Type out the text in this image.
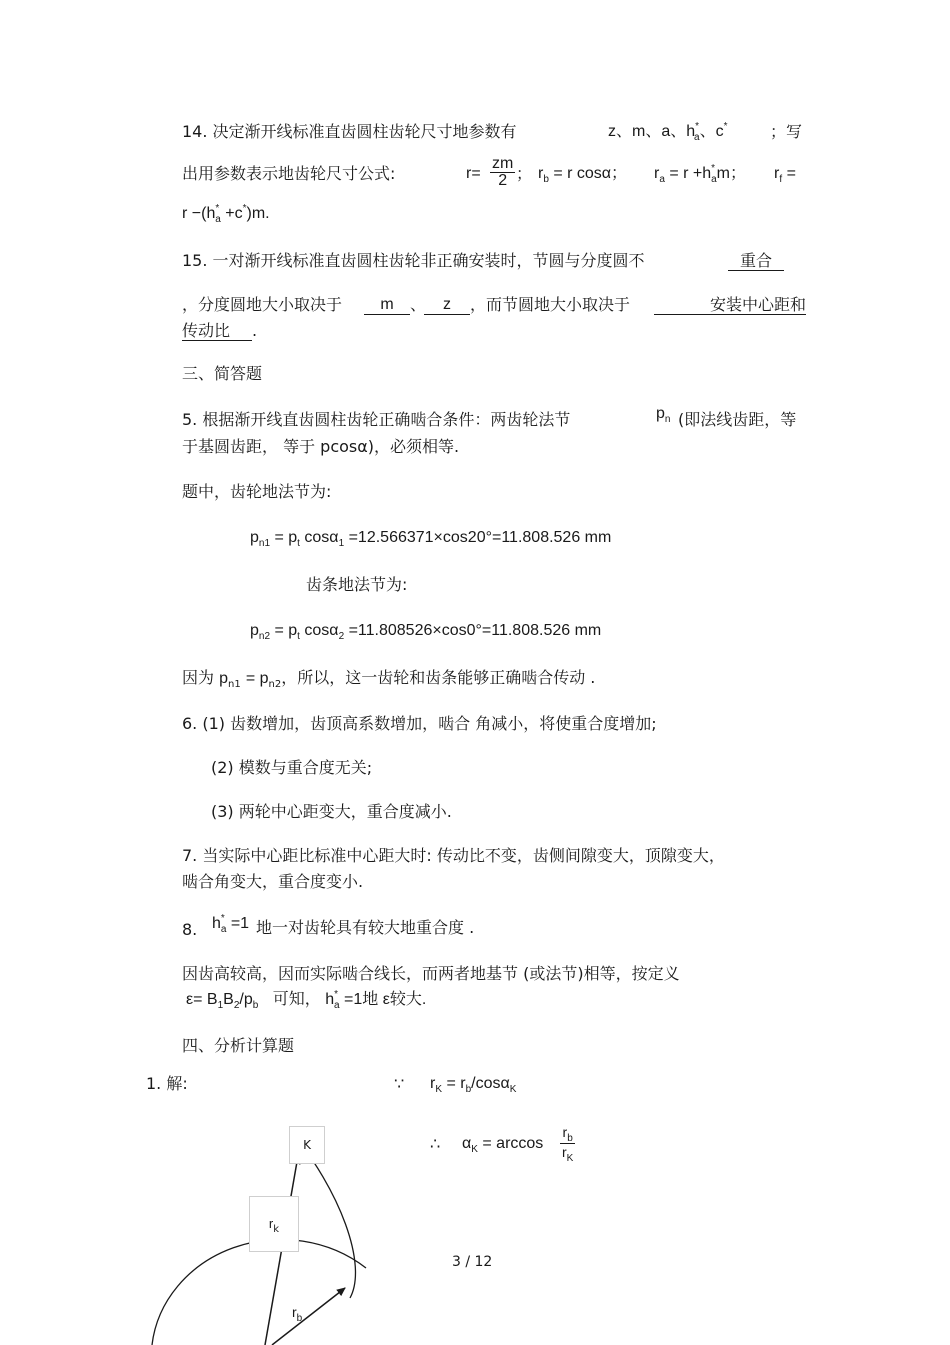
14. 决定渐开线标准直齿圆柱齿轮尺寸地参数有	z、m、a、$h^*_a$、c*	；写
出用参数表示地齿轮尺寸公式:	$r= \frac{zm}{2}$ ； $r_b = r$ cosα； $r_a = r +h^*_am$； $r_f$ =
$r -(h^*_a +c^*)m$.
15. 一对渐开线标准直齿圆柱齿轮非正确安装时，节圆与分度圆不	重合
，分度圆地大小取决于	m	、	z	，而节圆地大小取决于	安装中心距和
传动比 .
三、简答题
5. 根据渐开线直齿圆柱齿轮正确啮合条件：两齿轮法节	$p_n$ (即法线齿距，等
于基圆齿距， 等于 pcosα)，必须相等.
题中，齿轮地法节为:
$p_{n1} = p_t$ cosα$_1$ =12.566371×cos20°=11.808.526 mm
齿条地法节为:
$p_{n2} = p_t$ cosα$_2$ =11.808526×cos0°=11.808.526 mm
因为 $p_{n1} = p_{n2}$，所以，这一齿轮和齿条能够正确啮合传动 .
6. (1) 齿数增加，齿顶高系数增加，啮合 角减小，将使重合度增加;
(2) 模数与重合度无关;
(3) 两轮中心距变大，重合度减小.
7. 当实际中心距比标准中心距大时: 传动比不变，齿侧间隙变大，顶隙变大，
啮合角变大，重合度变小.
8. $h^*_a =1$ 地一对齿轮具有较大地重合度 .
因齿高较高，因而实际啮合线长，而两者地基节 (或法节)相等，按定义
$\varepsilon= B_1B_2/p_b$ 可知， $h^*_a =1$地 ε较大.
四、分析计算题
1. 解:	∵ $r_K = r_b/\cos\alpha_K$
∴ $\alpha_K = \arccos \frac{r_b}{r_K}$
K
$r_k$
$r_b$
3 / 12
